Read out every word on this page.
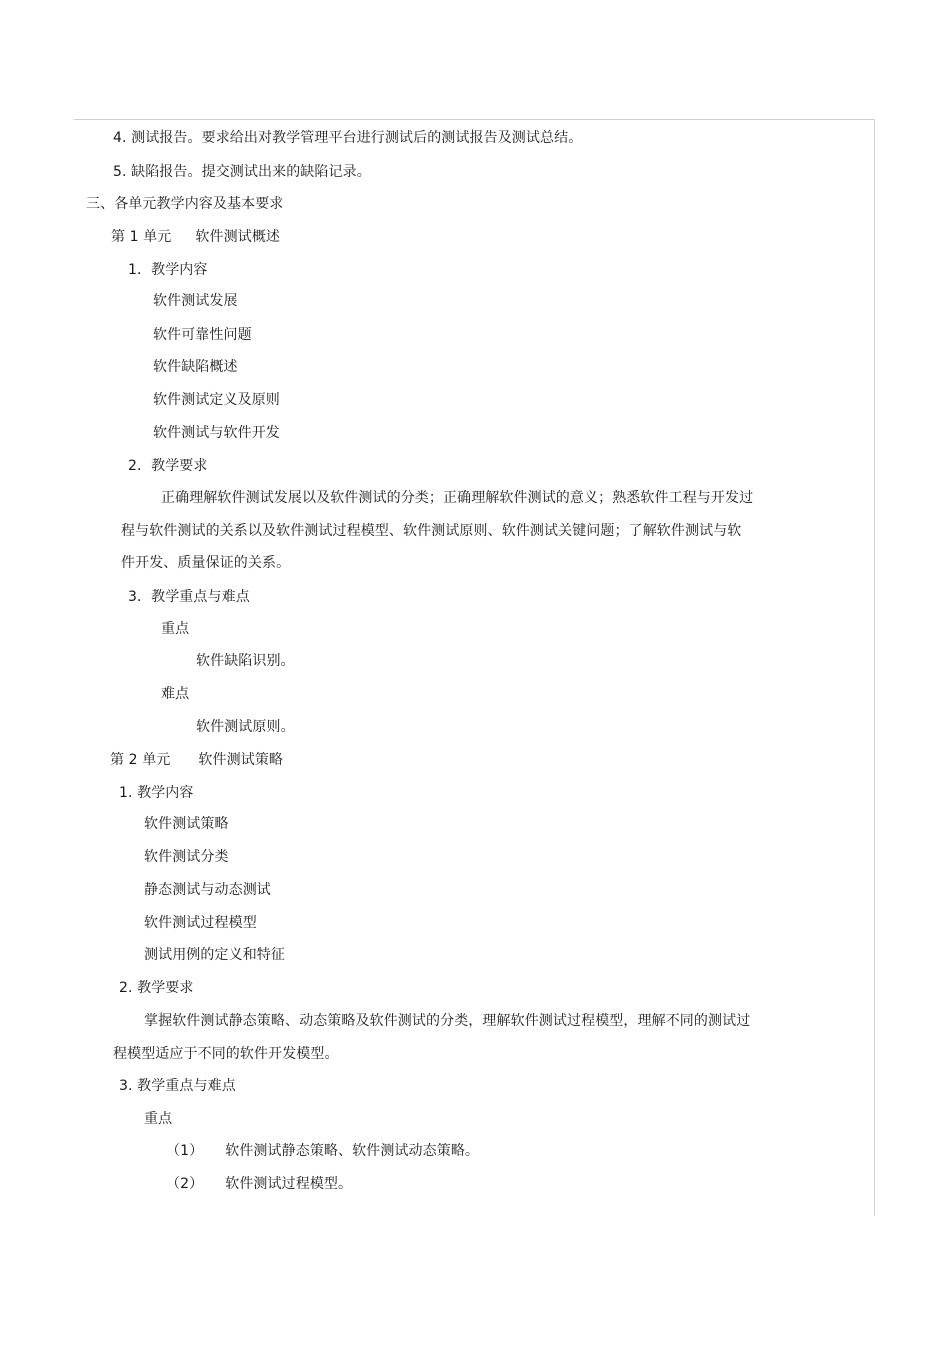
4. 测试报告。要求给出对教学管理平台进行测试后的测试报告及测试总结。
5. 缺陷报告。提交测试出来的缺陷记录。
三、各单元教学内容及基本要求
第 1 单元 软件测试概述
1．教学内容
软件测试发展
软件可靠性问题
软件缺陷概述
软件测试定义及原则
软件测试与软件开发
2．教学要求
正确理解软件测试发展以及软件测试的分类；正确理解软件测试的意义；熟悉软件工程与开发过
程与软件测试的关系以及软件测试过程模型、软件测试原则、软件测试关键问题；了解软件测试与软
件开发、质量保证的关系。
3．教学重点与难点
重点
软件缺陷识别。
难点
软件测试原则。
第 2 单元 软件测试策略
1. 教学内容
软件测试策略
软件测试分类
静态测试与动态测试
软件测试过程模型
测试用例的定义和特征
2. 教学要求
掌握软件测试静态策略、动态策略及软件测试的分类，理解软件测试过程模型，理解不同的测试过
程模型适应于不同的软件开发模型。
3. 教学重点与难点
重点
（1） 软件测试静态策略、软件测试动态策略。
（2） 软件测试过程模型。
